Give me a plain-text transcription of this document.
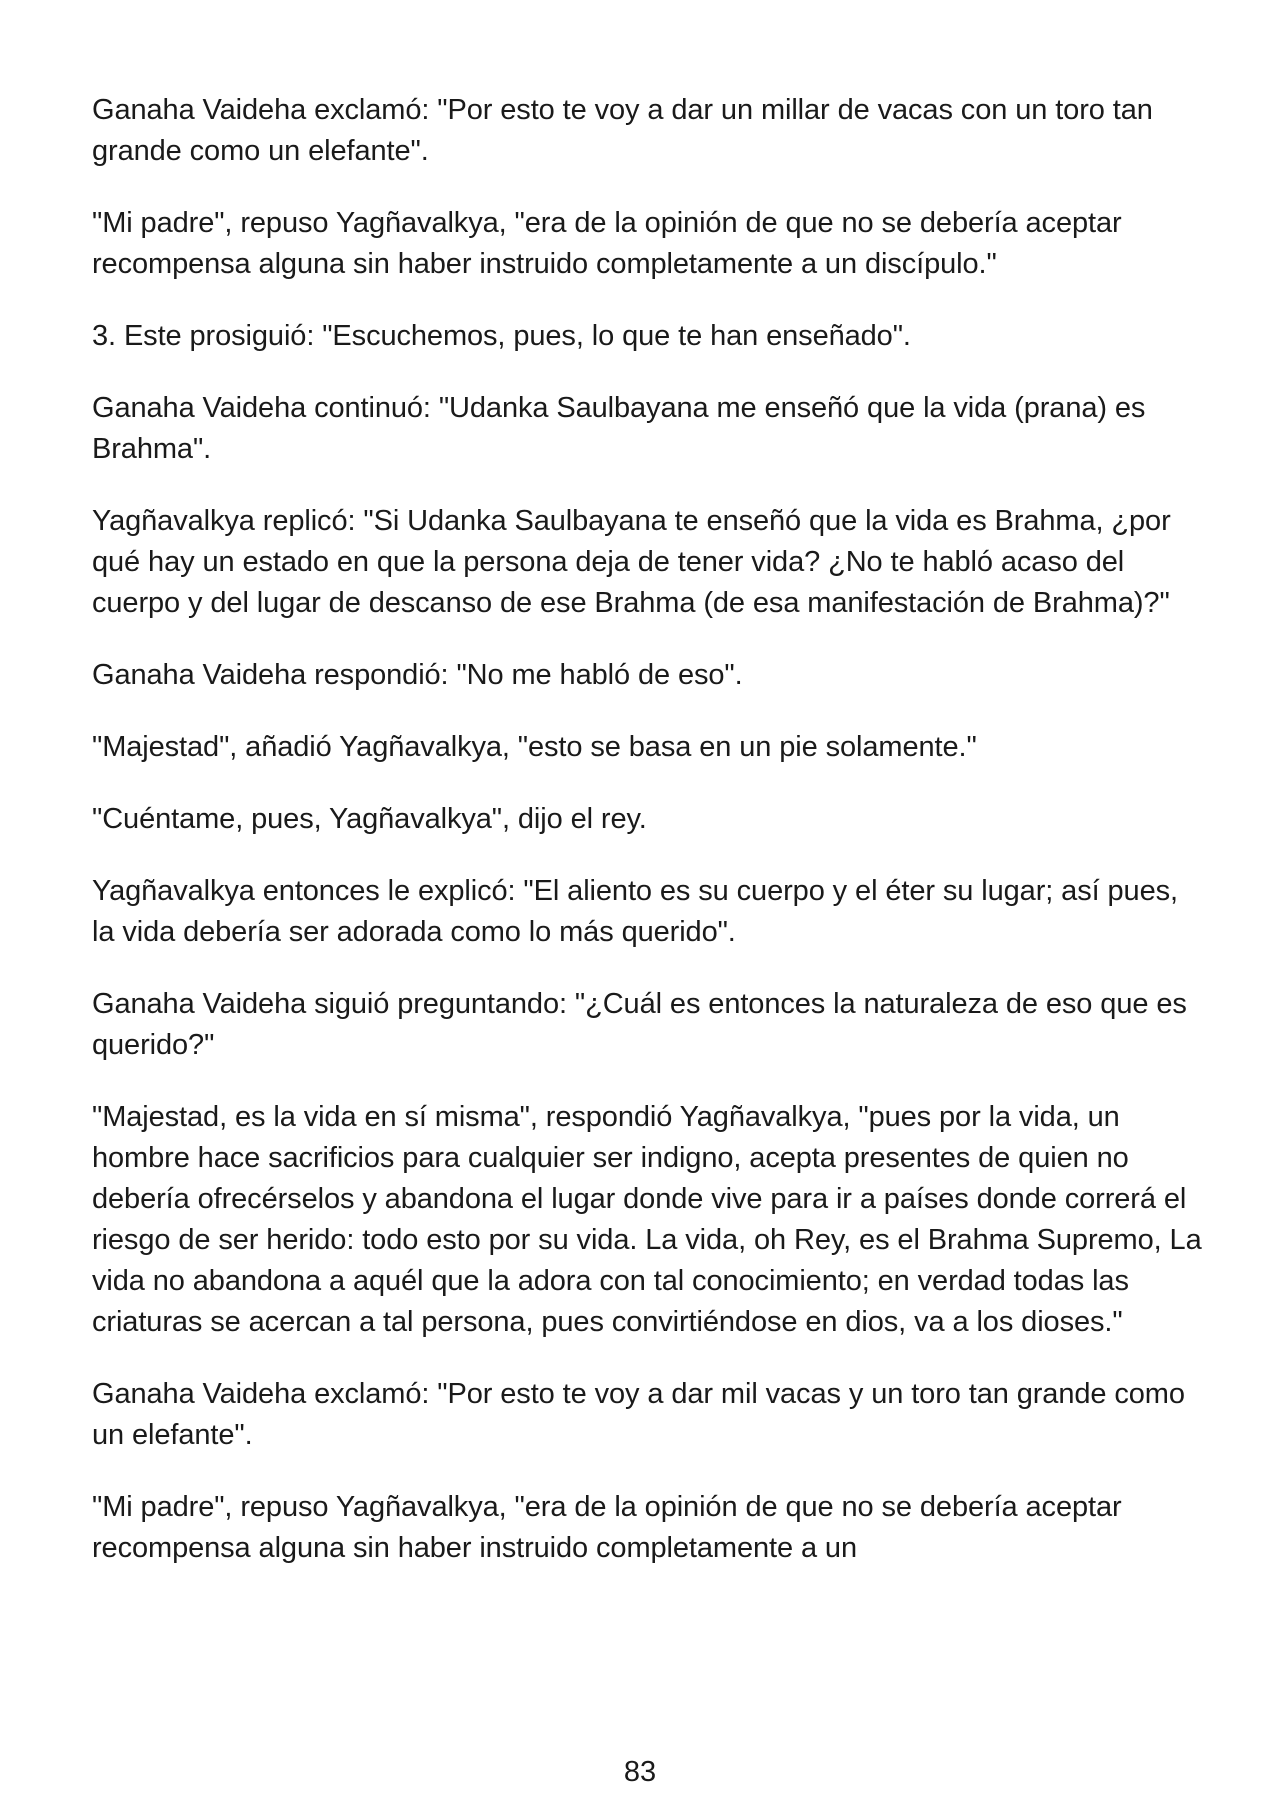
Ganaha Vaideha exclamó: "Por esto te voy a dar un millar de vacas con un toro tan grande como un elefante".

"Mi padre", repuso Yagñavalkya, "era de la opinión de que no se debería aceptar recompensa alguna sin haber instruido completamente a un discípulo."

3. Este prosiguió: "Escuchemos, pues, lo que te han enseñado".

Ganaha Vaideha continuó: "Udanka Saulbayana me enseñó que la vida (prana) es Brahma".

Yagñavalkya replicó: "Si Udanka Saulbayana te enseñó que la vida es Brahma, ¿por qué hay un estado en que la persona deja de tener vida? ¿No te habló acaso del cuerpo y del lugar de descanso de ese Brahma (de esa manifestación de Brahma)?"

Ganaha Vaideha respondió: "No me habló de eso".

"Majestad", añadió Yagñavalkya, "esto se basa en un pie solamente."

"Cuéntame, pues, Yagñavalkya", dijo el rey.

Yagñavalkya entonces le explicó: "El aliento es su cuerpo y el éter su lugar; así pues, la vida debería ser adorada como lo más querido".

Ganaha Vaideha siguió preguntando: "¿Cuál es entonces la naturaleza de eso que es querido?"

"Majestad, es la vida en sí misma", respondió Yagñavalkya, "pues por la vida, un hombre hace sacrificios para cualquier ser indigno, acepta presentes de quien no debería ofrecérselos y abandona el lugar donde vive para ir a países donde correrá el riesgo de ser herido: todo esto por su vida. La vida, oh Rey, es el Brahma Supremo, La vida no abandona a aquél que la adora con tal conocimiento; en verdad todas las criaturas se acercan a tal persona, pues convirtiéndose en dios, va a los dioses."

Ganaha Vaideha exclamó: "Por esto te voy a dar mil vacas y un toro tan grande como un elefante".

"Mi padre", repuso Yagñavalkya, "era de la opinión de que no se debería aceptar recompensa alguna sin haber instruido completamente a un

83
